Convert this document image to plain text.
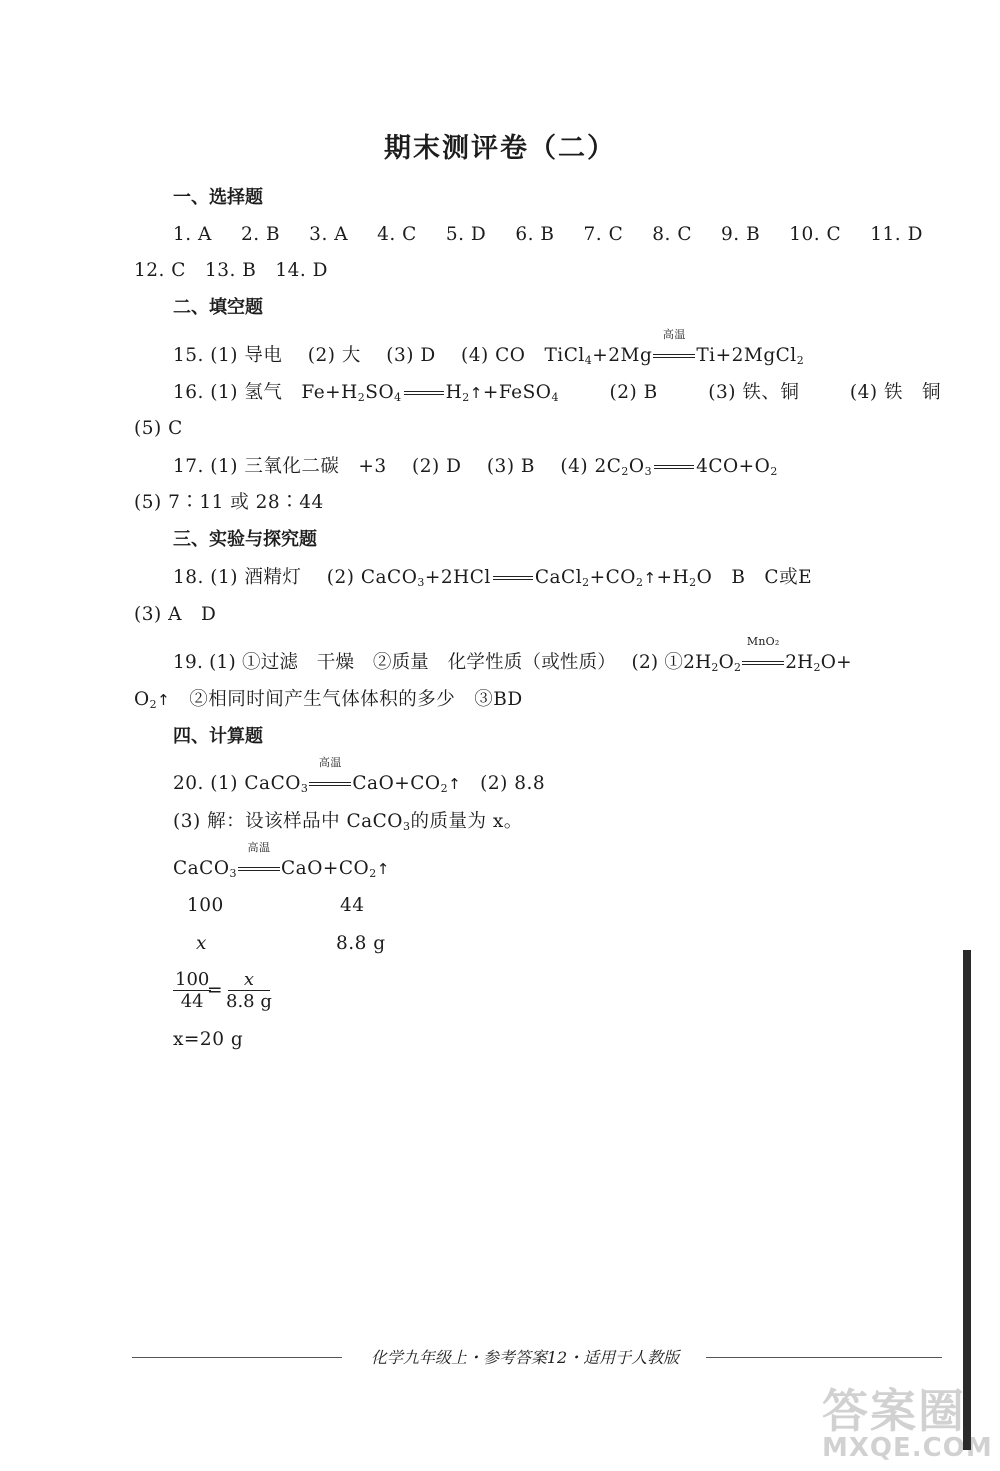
期末测评卷（二）
一、选择题
1. A 2. B 3. A 4. C 5. D 6. B 7. C 8. C 9. B 10. C 11. D
12. C　13. B　14. D
二、填空题
15. (1) 导电　 (2) 大　 (3) D　 (4) CO　TiCl$_4$+2Mg
高温
Ti+2MgCl$_2$
16. (1) 氢气　$Fe+H_2SO_4$ $H_2↑+FeSO_4$	(2) B	(3) 铁、铜	(4) 铁　铜
(5) C
17. (1) 三氧化二碳　+3　 (2) D　 (3) B　 (4) $2C_2O_3$ $4CO+O_2$
(5) 7∶11 或 28∶44
三、实验与探究题
18. (1) 酒精灯　 (2) CaCO$_3$+2HCl $CaCl_2+CO_2↑+H_2O$　B　C或E
(3) A　D
19. (1) ①过滤　干燥　②质量　化学性质（或性质）　 (2) $①2H_2O_2$
MnO₂
$2H_2O+$
$O_2↑$　②相同时间产生气体体积的多少　③BD
四、计算题
20. (1) CaCO$_3$
高温
$CaO+CO_2↑$　(2) 8.8
(3) 解：设该样品中 CaCO$_3$的质量为 x。
CaCO$_3$
高温
$CaO+CO_2↑$
100	44
x	8.8 g
$\frac{100}{44}$
= $\frac{x}{8.8 g}$
x=20 g
化学九年级上・参考答案12・适用于人教版
答案圈
MXQE.COM
